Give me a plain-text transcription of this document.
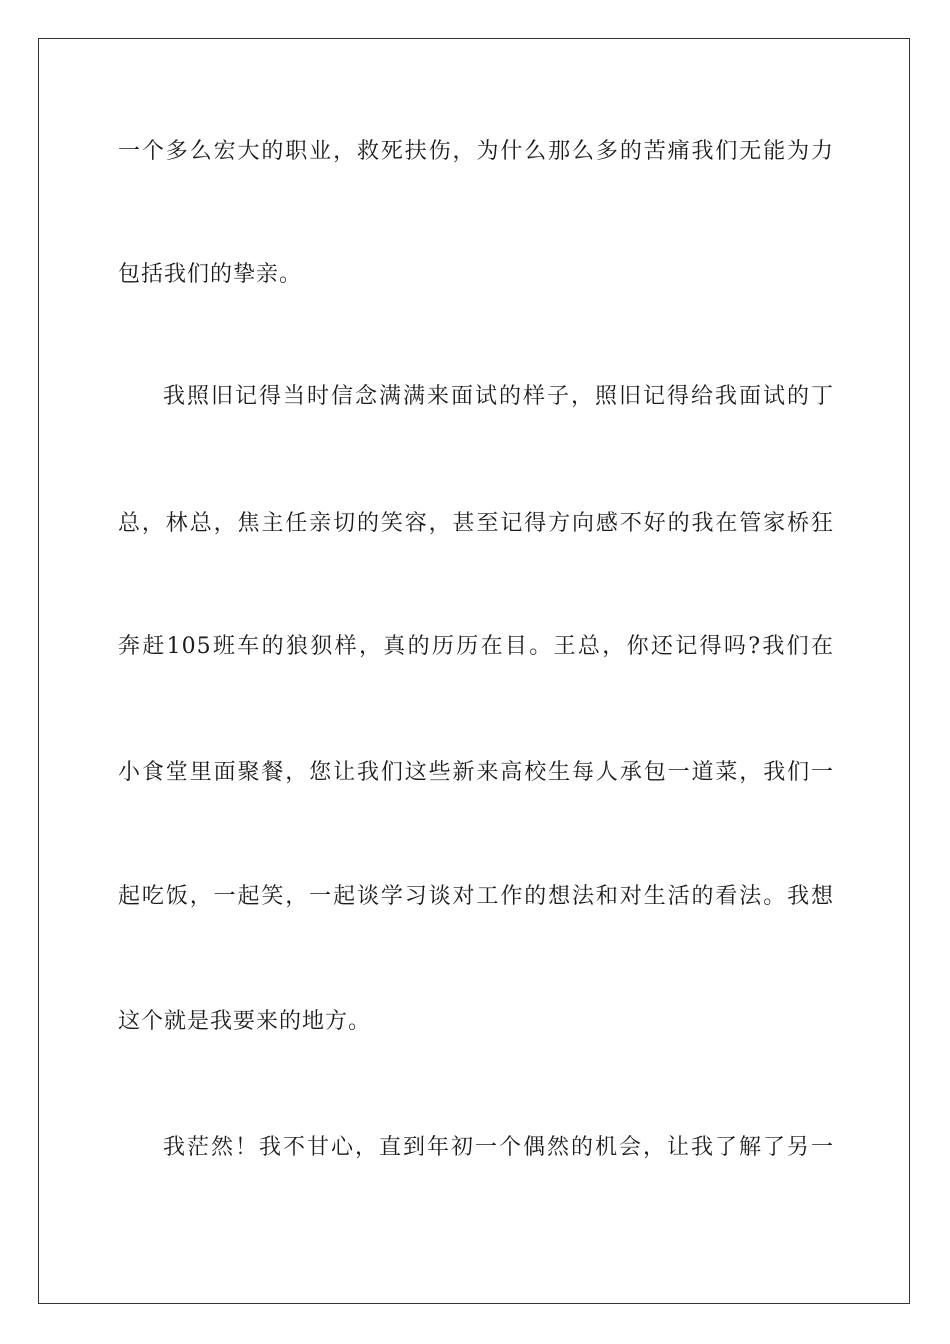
一个多么宏大的职业，救死扶伤，为什么那么多的苦痛我们无能为力
包括我们的挚亲。
我照旧记得当时信念满满来面试的样子，照旧记得给我面试的丁
总，林总，焦主任亲切的笑容，甚至记得方向感不好的我在管家桥狂
奔赶105班车的狼狈样，真的历历在目。王总，你还记得吗?我们在
小食堂里面聚餐，您让我们这些新来高校生每人承包一道菜，我们一
起吃饭，一起笑，一起谈学习谈对工作的想法和对生活的看法。我想
这个就是我要来的地方。
我茫然！我不甘心，直到年初一个偶然的机会，让我了解了另一
